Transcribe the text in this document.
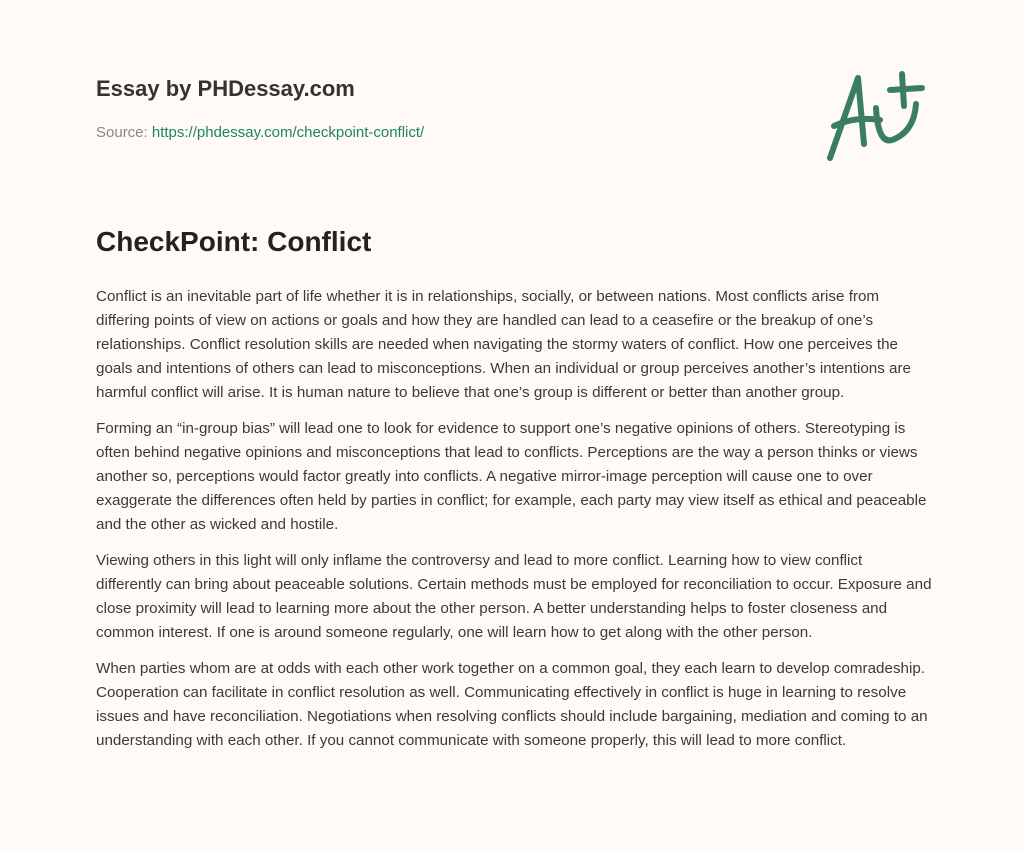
Essay by PHDessay.com
Source: https://phdessay.com/checkpoint-conflict/
CheckPoint: Conflict

Conflict is an inevitable part of life whether it is in relationships, socially, or between nations. Most conflicts arise from differing points of view on actions or goals and how they are handled can lead to a ceasefire or the breakup of one’s relationships. Conflict resolution skills are needed when navigating the stormy waters of conflict. How one perceives the goals and intentions of others can lead to misconceptions. When an individual or group perceives another’s intentions are harmful conflict will arise. It is human nature to believe that one’s group is different or better than another group.

Forming an “in-group bias” will lead one to look for evidence to support one’s negative opinions of others. Stereotyping is often behind negative opinions and misconceptions that lead to conflicts. Perceptions are the way a person thinks or views another so, perceptions would factor greatly into conflicts. A negative mirror-image perception will cause one to over exaggerate the differences often held by parties in conflict; for example, each party may view itself as ethical and peaceable and the other as wicked and hostile.

Viewing others in this light will only inflame the controversy and lead to more conflict. Learning how to view conflict differently can bring about peaceable solutions. Certain methods must be employed for reconciliation to occur. Exposure and close proximity will lead to learning more about the other person. A better understanding helps to foster closeness and common interest. If one is around someone regularly, one will learn how to get along with the other person.

When parties whom are at odds with each other work together on a common goal, they each learn to develop comradeship. Cooperation can facilitate in conflict resolution as well. Communicating effectively in conflict is huge in learning to resolve issues and have reconciliation. Negotiations when resolving conflicts should include bargaining, mediation and coming to an understanding with each other. If you cannot communicate with someone properly, this will lead to more conflict.
